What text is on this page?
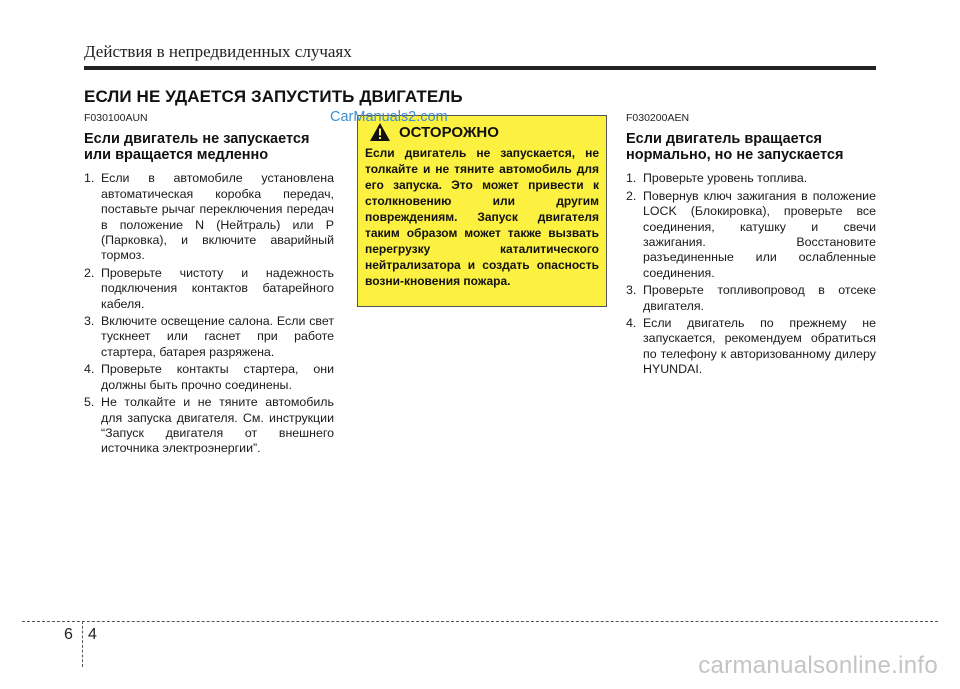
Действия в непредвиденных случаях
ЕСЛИ НЕ УДАЕТСЯ ЗАПУСТИТЬ ДВИГАТЕЛЬ
F030100AUN
Если двигатель не запускается
или вращается медленно
1. Если в автомобиле установлена автоматическая коробка передач, поставьте рычаг переключения передач в положение N (Нейтраль) или P (Парковка), и включите аварийный тормоз.
2. Проверьте чистоту и надежность подключения контактов батарейного кабеля.
3. Включите освещение салона. Если свет тускнеет или гаснет при работе стартера, батарея разряжена.
4. Проверьте контакты стартера, они должны быть прочно соединены.
5. Не толкайте и не тяните автомобиль для запуска двигателя. См. инструкции “Запуск двигателя от внешнего источника электроэнергии”.
ОСТОРОЖНО
Если двигатель не запускается, не толкайте и не тяните автомобиль для его запуска. Это может привести к столкновению или другим повреждениям. Запуск двигателя таким образом может также вызвать перегрузку каталитического нейтрализатора и создать опасность возни-кновения пожара.
CarManuals2.com	F030200AEN
Если двигатель вращается
нормально, но не запускается
1. Проверьте уровень топлива.
2. Повернув ключ зажигания в положение LOCK (Блокировка), проверьте все соединения, катушку и свечи зажигания. Восстановите разъединенные или ослабленные соединения.
3. Проверьте топливопровод в отсеке двигателя.
4. Если двигатель по прежнему не запускается, рекомендуем обратиться по телефону к авторизованному дилеру HYUNDAI.
6 4
carmanualsonline.info
